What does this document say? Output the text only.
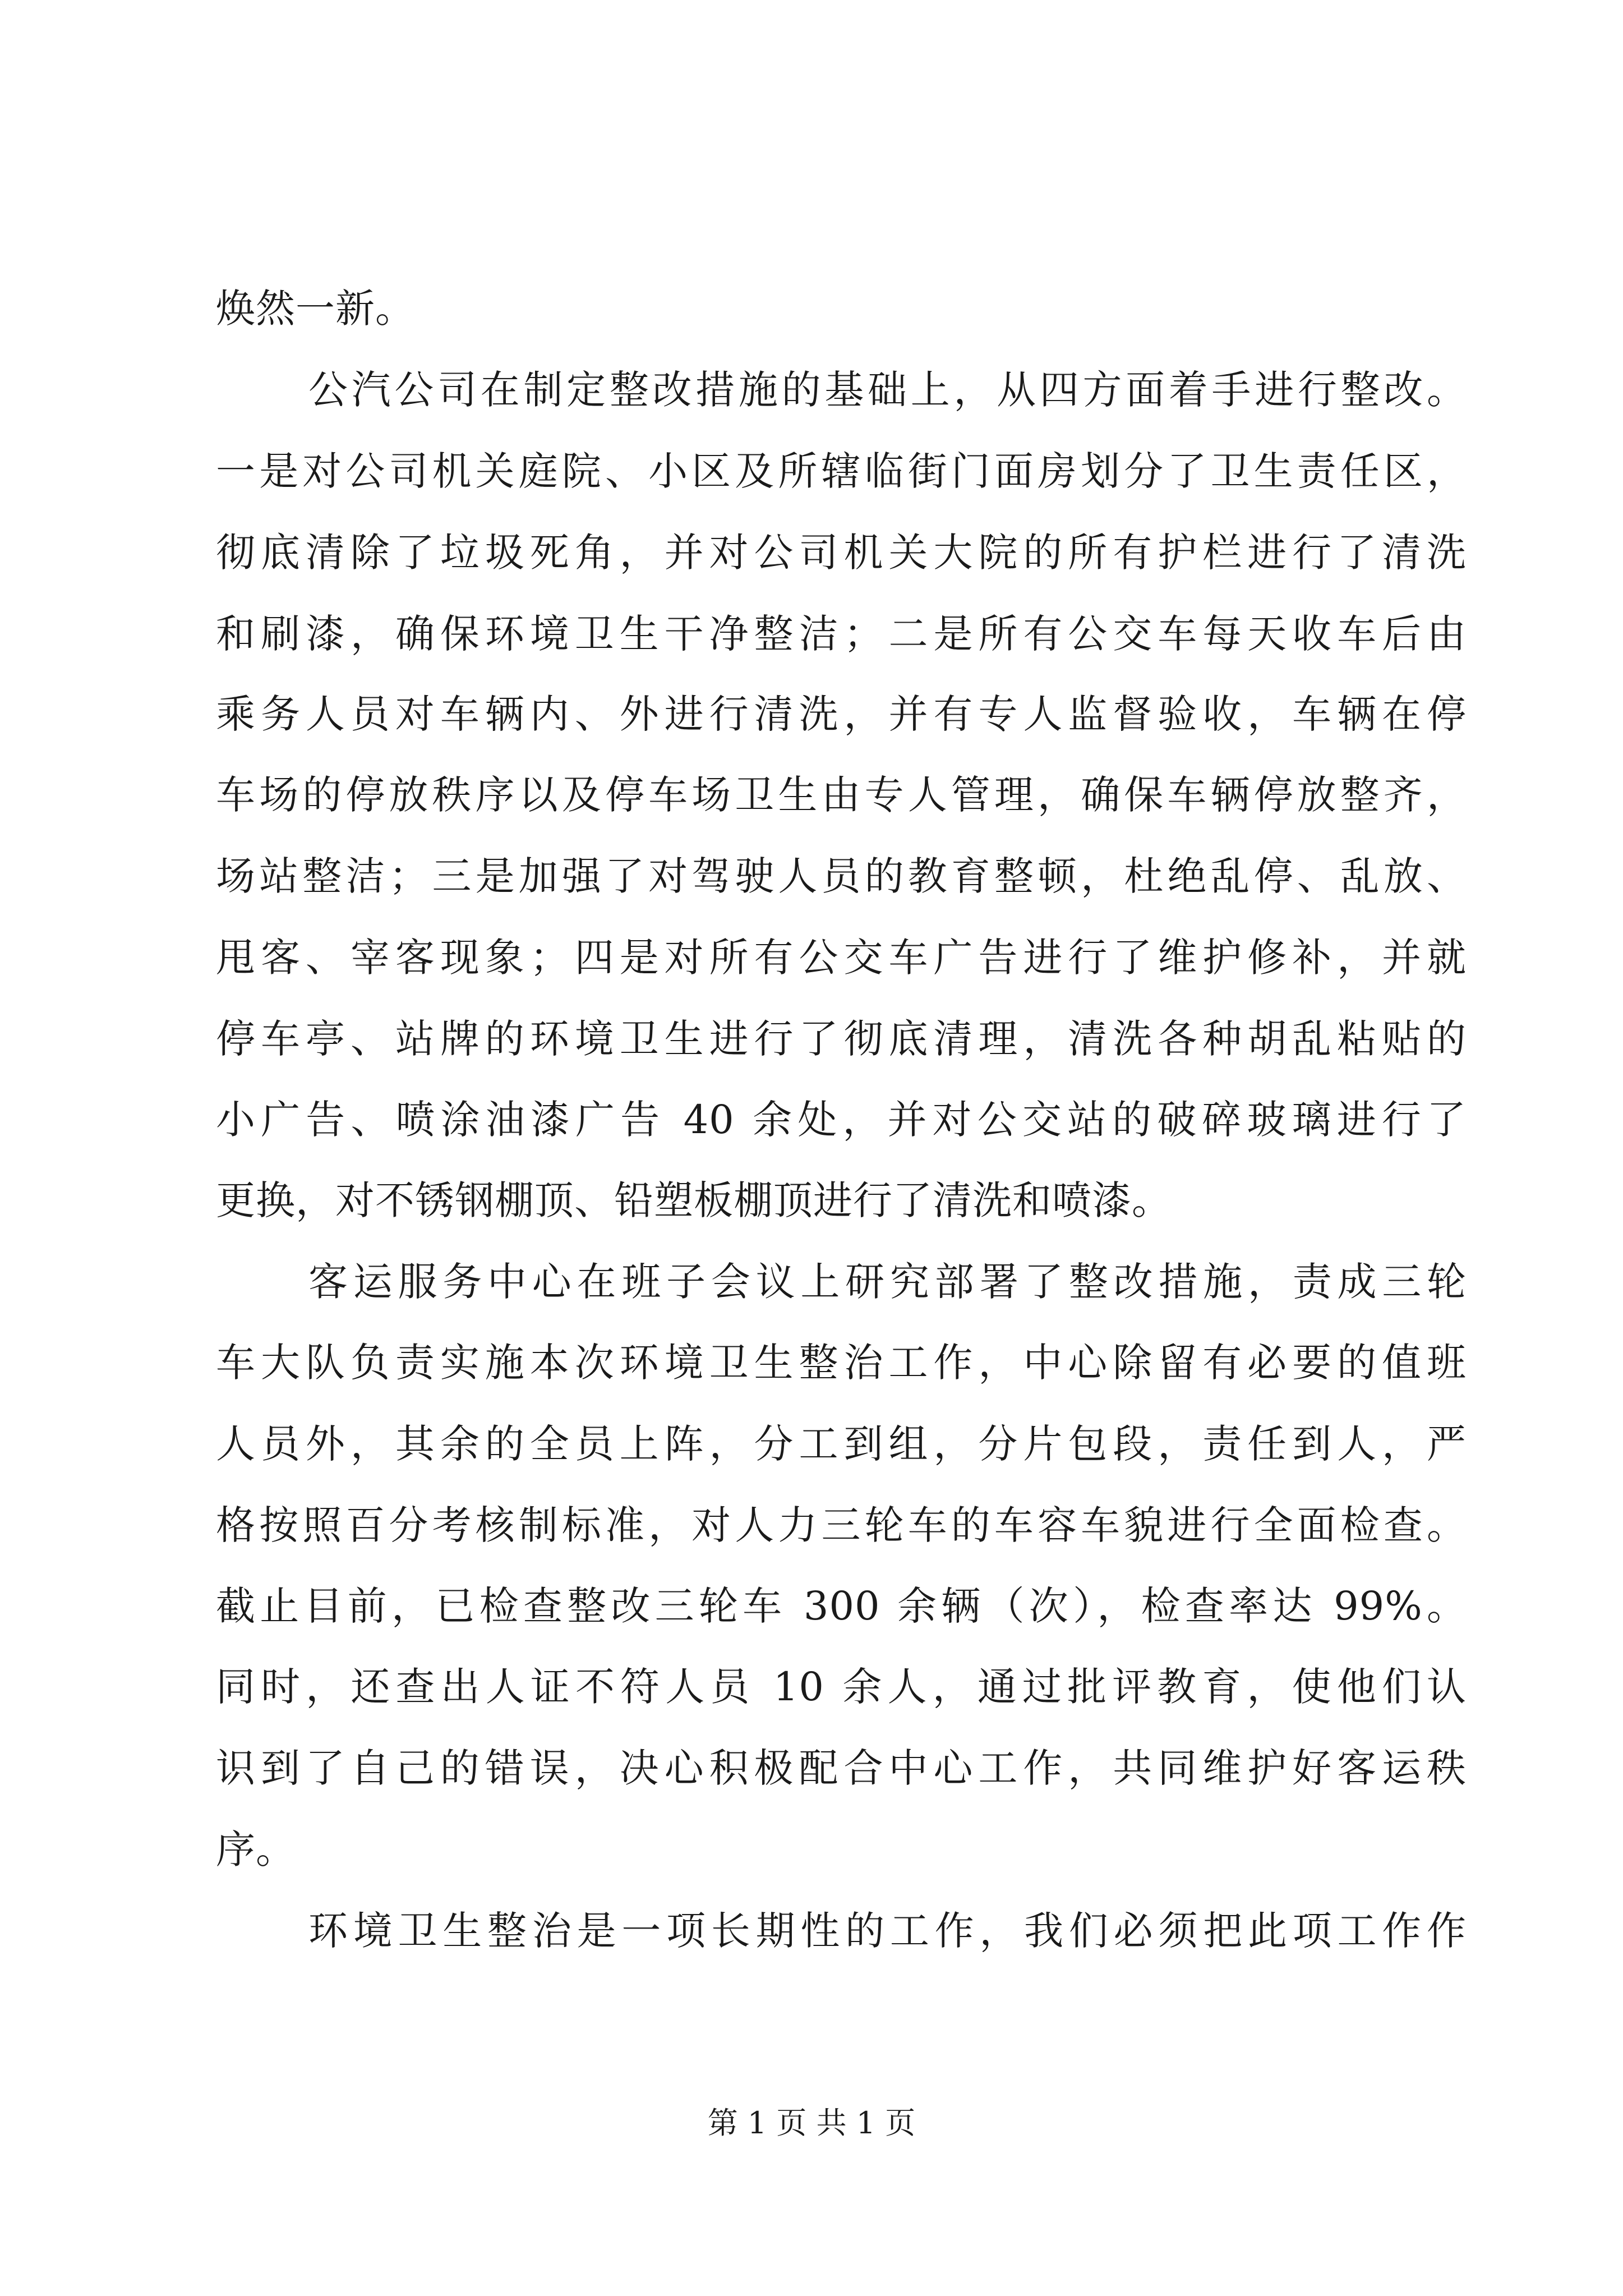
焕然一新。
公汽公司在制定整改措施的基础上，从四方面着手进行整改。
一是对公司机关庭院、小区及所辖临街门面房划分了卫生责任区，
彻底清除了垃圾死角，并对公司机关大院的所有护栏进行了清洗
和刷漆，确保环境卫生干净整洁；二是所有公交车每天收车后由
乘务人员对车辆内、外进行清洗，并有专人监督验收，车辆在停
车场的停放秩序以及停车场卫生由专人管理，确保车辆停放整齐，
场站整洁；三是加强了对驾驶人员的教育整顿，杜绝乱停、乱放、
甩客、宰客现象；四是对所有公交车广告进行了维护修补，并就
停车亭、站牌的环境卫生进行了彻底清理，清洗各种胡乱粘贴的
小广告、喷涂油漆广告 40 余处，并对公交站的破碎玻璃进行了
更换，对不锈钢棚顶、铅塑板棚顶进行了清洗和喷漆。
客运服务中心在班子会议上研究部署了整改措施，责成三轮
车大队负责实施本次环境卫生整治工作，中心除留有必要的值班
人员外，其余的全员上阵，分工到组，分片包段，责任到人，严
格按照百分考核制标准，对人力三轮车的车容车貌进行全面检查。
截止目前，已检查整改三轮车 300 余辆（次），检查率达 99%。
同时，还查出人证不符人员 10 余人，通过批评教育，使他们认
识到了自己的错误，决心积极配合中心工作，共同维护好客运秩
序。
环境卫生整治是一项长期性的工作，我们必须把此项工作作
第 1 页 共 1 页
